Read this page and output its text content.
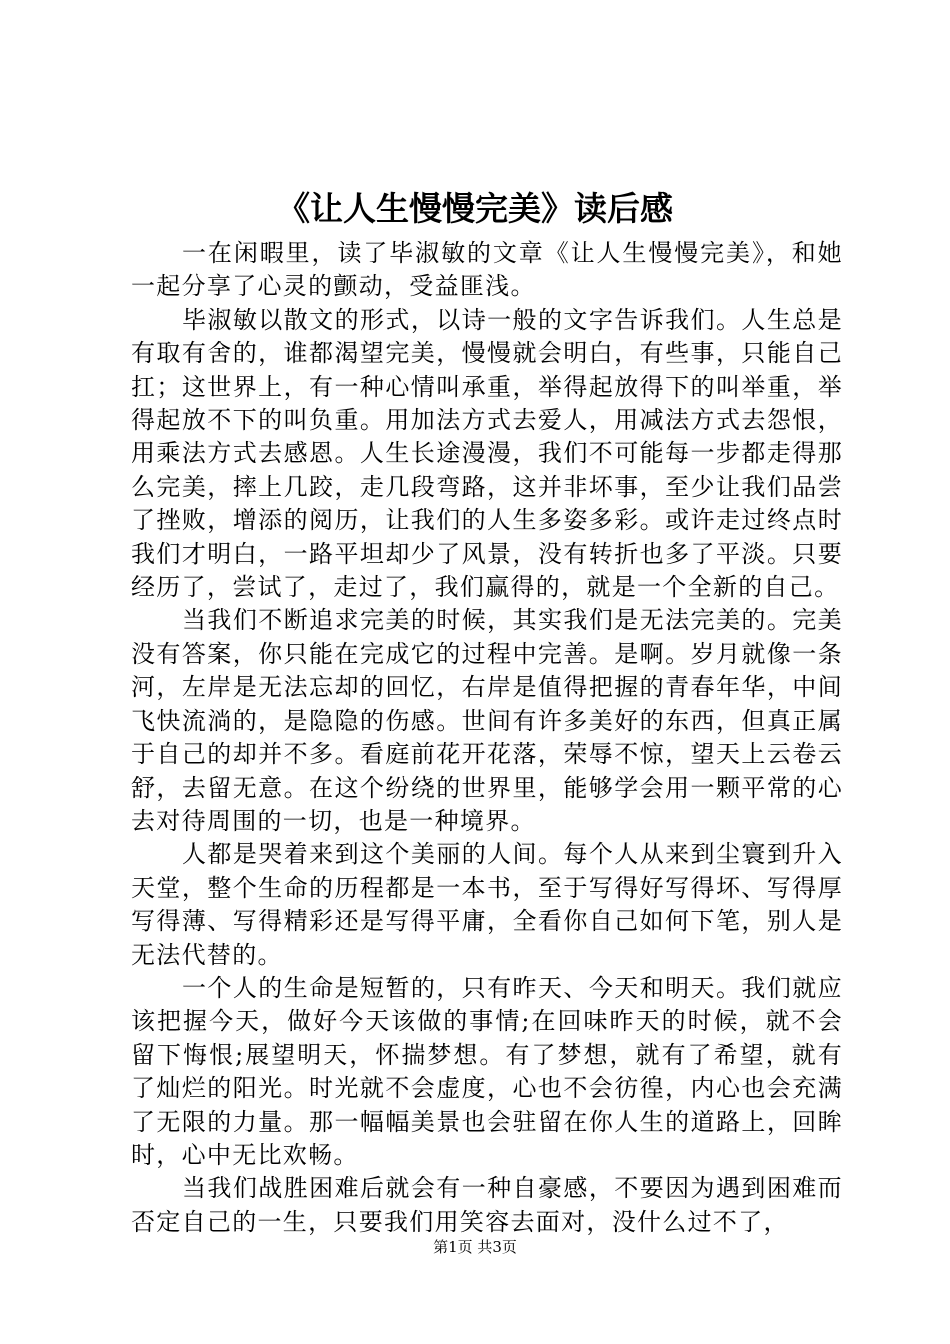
《让人生慢慢完美》读后感

一在闲暇里，读了毕淑敏的文章《让人生慢慢完美》，和她一起分享了心灵的颤动，受益匪浅。

毕淑敏以散文的形式，以诗一般的文字告诉我们。人生总是有取有舍的，谁都渴望完美，慢慢就会明白，有些事，只能自己扛；这世界上，有一种心情叫承重，举得起放得下的叫举重，举得起放不下的叫负重。用加法方式去爱人，用减法方式去怨恨，用乘法方式去感恩。人生长途漫漫，我们不可能每一步都走得那么完美，摔上几跤，走几段弯路，这并非坏事，至少让我们品尝了挫败，增添的阅历，让我们的人生多姿多彩。或许走过终点时我们才明白，一路平坦却少了风景，没有转折也多了平淡。只要经历了，尝试了，走过了，我们赢得的，就是一个全新的自己。

当我们不断追求完美的时候，其实我们是无法完美的。完美没有答案，你只能在完成它的过程中完善。是啊。岁月就像一条河，左岸是无法忘却的回忆，右岸是值得把握的青春年华，中间飞快流淌的，是隐隐的伤感。世间有许多美好的东西，但真正属于自己的却并不多。看庭前花开花落，荣辱不惊，望天上云卷云舒，去留无意。在这个纷绕的世界里，能够学会用一颗平常的心去对待周围的一切，也是一种境界。

人都是哭着来到这个美丽的人间。每个人从来到尘寰到升入天堂，整个生命的历程都是一本书，至于写得好写得坏、写得厚写得薄、写得精彩还是写得平庸，全看你自己如何下笔，别人是无法代替的。

一个人的生命是短暂的，只有昨天、今天和明天。我们就应该把握今天，做好今天该做的事情;在回味昨天的时候，就不会留下悔恨;展望明天，怀揣梦想。有了梦想，就有了希望，就有了灿烂的阳光。时光就不会虚度，心也不会彷徨，内心也会充满了无限的力量。那一幅幅美景也会驻留在你人生的道路上，回眸时，心中无比欢畅。

当我们战胜困难后就会有一种自豪感，不要因为遇到困难而否定自己的一生，只要我们用笑容去面对，没什么过不了，

第1页 共3页
